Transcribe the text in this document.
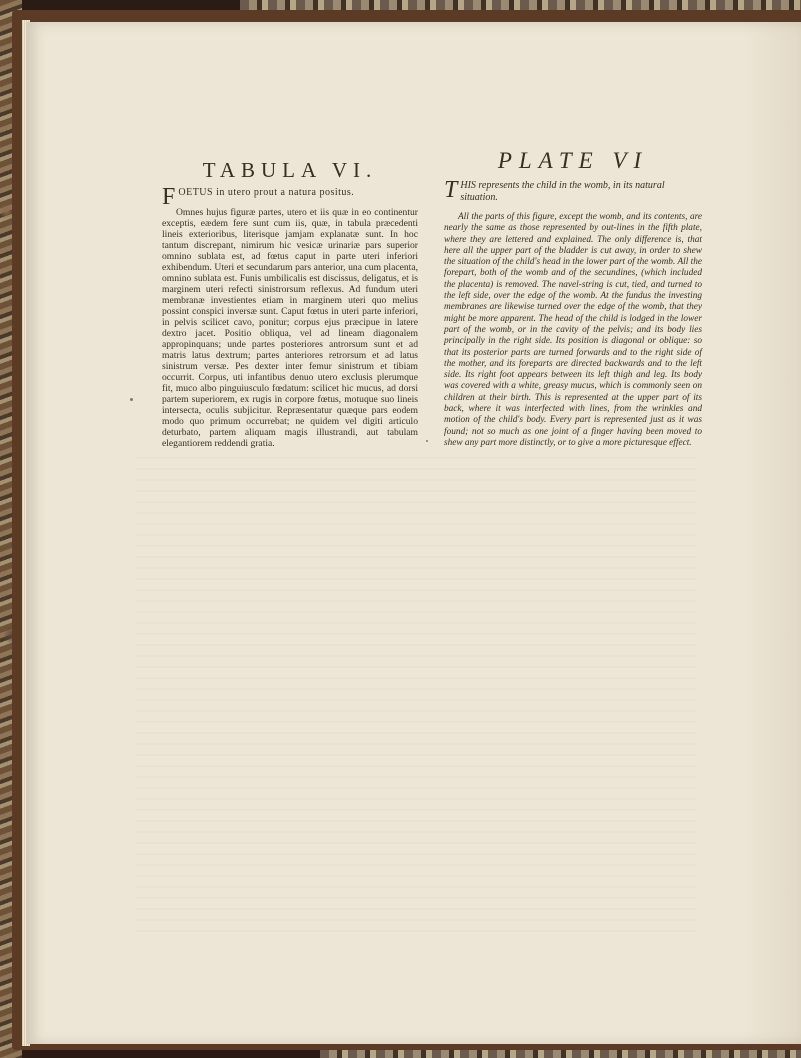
TABULA VI.

FOETUS in utero prout a natura positus.

Omnes hujus figuræ partes, utero et iis quæ in eo continentur exceptis, eædem fere sunt cum iis, quæ, in tabula præcedenti lineis exterioribus, literisque jamjam explanatæ sunt. In hoc tantum discrepant, nimirum hic vesicæ urinariæ pars superior omnino sublata est, ad fœtus caput in parte uteri inferiori exhibendum. Uteri et secundarum pars anterior, una cum placenta, omnino sublata est. Funis umbilicalis est discissus, deligatus, et is marginem uteri refecti sinistrorsum reflexus. Ad fundum uteri membranæ investientes etiam in marginem uteri quo melius possint conspici inversæ sunt. Caput fœtus in uteri parte inferiori, in pelvis scilicet cavo, ponitur; corpus ejus præcipue in latere dextro jacet. Positio obliqua, vel ad lineam diagonalem appropinquans; unde partes posteriores antrorsum sunt et ad matris latus dextrum; partes anteriores retrorsum et ad latus sinistrum versæ. Pes dexter inter femur sinistrum et tibiam occurrit. Corpus, uti infantibus denuo utero exclusis plerumque fit, muco albo pinguiusculo fœdatum: scilicet hic mucus, ad dorsi partem superiorem, ex rugis in corpore fœtus, motuque suo lineis intersecta, oculis subjicitur. Repræsentatur quæque pars eodem modo quo primum occurrebat; ne quidem vel digiti articulo deturbato, partem aliquam magis illustrandi, aut tabulam elegantiorem reddendi gratia.

PLATE VI

THIS represents the child in the womb, in its natural situation.

All the parts of this figure, except the womb, and its contents, are nearly the same as those represented by out-lines in the fifth plate, where they are lettered and explained. The only difference is, that here all the upper part of the bladder is cut away, in order to shew the situation of the child's head in the lower part of the womb. All the forepart, both of the womb and of the secundines, (which included the placenta) is removed. The navel-string is cut, tied, and turned to the left side, over the edge of the womb. At the fundus the investing membranes are likewise turned over the edge of the womb, that they might be more apparent. The head of the child is lodged in the lower part of the womb, or in the cavity of the pelvis; and its body lies principally in the right side. Its position is diagonal or oblique: so that its posterior parts are turned forwards and to the right side of the mother, and its foreparts are directed backwards and to the left side. Its right foot appears between its left thigh and leg. Its body was covered with a white, greasy mucus, which is commonly seen on children at their birth. This is represented at the upper part of its back, where it was interfected with lines, from the wrinkles and motion of the child's body. Every part is represented just as it was found; not so much as one joint of a finger having been moved to shew any part more distinctly, or to give a more picturesque effect.
